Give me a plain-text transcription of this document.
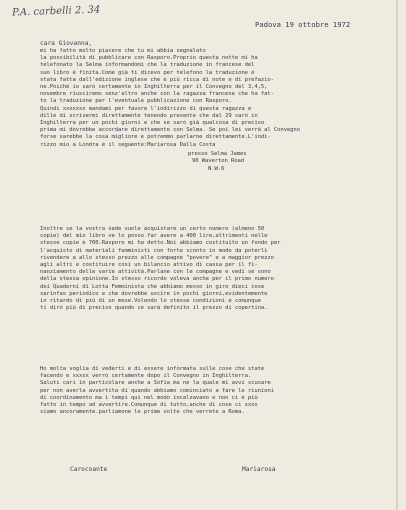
P.A. carbelli 2. 34
Padova 19 ottobre 1972
cara Giovanna,
mi ha fatto molto piacere che tu mi abbia segnalato
la possibilità di pubblicare con Rasporo.Proprio questa notte mi ha
telefonato la Selma informandomi che la traduzione in francese del
suo libro è finita.Come già ti dicevo per telefono la traduzione è
stata fatta dall'edizione inglese che è più ricca di note e di prefazio-
ne.Poichè io sarò certamente in Inghilterra per il Convegno del 3,4,5,
novembre riusciremo senz'altro anche con la ragazza francese che ha fat-
to la traduzione per l'eventuale pubblicazione con Rasporo.
Quindi xxxxxxx mandami per favore l'indirizzo di questa ragazza e
dille di scrivermi direttamente tenendo presente che dal 29 sarò in
Inghilterra per un pochi giorni e che se sarò già qualcosa di preciso
prima mi dovrebbe accordare direttamente con Selma. Se poi lei verrà al Convegno
forse sarebbe la cosa migliore e potremmo parlarne direttamente.L'indi-
rizzo mio a Londra è il seguente:Mariarosa Dalla Costa
presso Selma James
90 Waverton Road
N.W.6
Inoltre se la vostra sede vuole acquistare un certo numero (almeno 50
copie) del mio libro ve lo posso far avere a 400 lire,altrimenti nelle
stesse copie è 700.Rasporo mi ha detto.Noi abbiamo costituito un fondo per
l'acquisto di materiali femministi con forte sconto in modo da poterli
rivendere a allo stesso prezzo alle compagne "povere" e a maggior prezzo
agli altri e costituire così un bilancio attivo di cassa per il fi-
nanziamento delle varie attività.Parlane con le compagne e vedi se sono
della stessa opinione.Io stesso ricordo voleva anche per il primo numero
dei Quaderni di Lotta Femminista che abbiamo messo in giro dieci cose
sarinfas periodico e che dovrebbe uscire in pochi giorni,evidentemente
in ritardo di più di un mese.Volendo lo stesse condizioni è comunque
ti dirò più di preciso quando ce sarà definito il prezzo di copertina.
Ho molta voglia di vederti e di essere informata sulle cose che state
facendo e xxxxx verrò certamente dopo il Convegno in Inghilterra.
Saluti cari in particolare anche a Sofia ma ne la quale mi avvi scusare
per non averla avvertita di quando abbiamo cominciato a fare le riunioni
di coordinamento ma i tempi qui nel modo incalzavano e non ci è più
fatto in tempo ad avvertire.Comunque di tutto,anche di cose ci xxxx
siamo ancoramente.parliamone le prime volte che verrete a Roma.
Carocoante	Mariarosa
